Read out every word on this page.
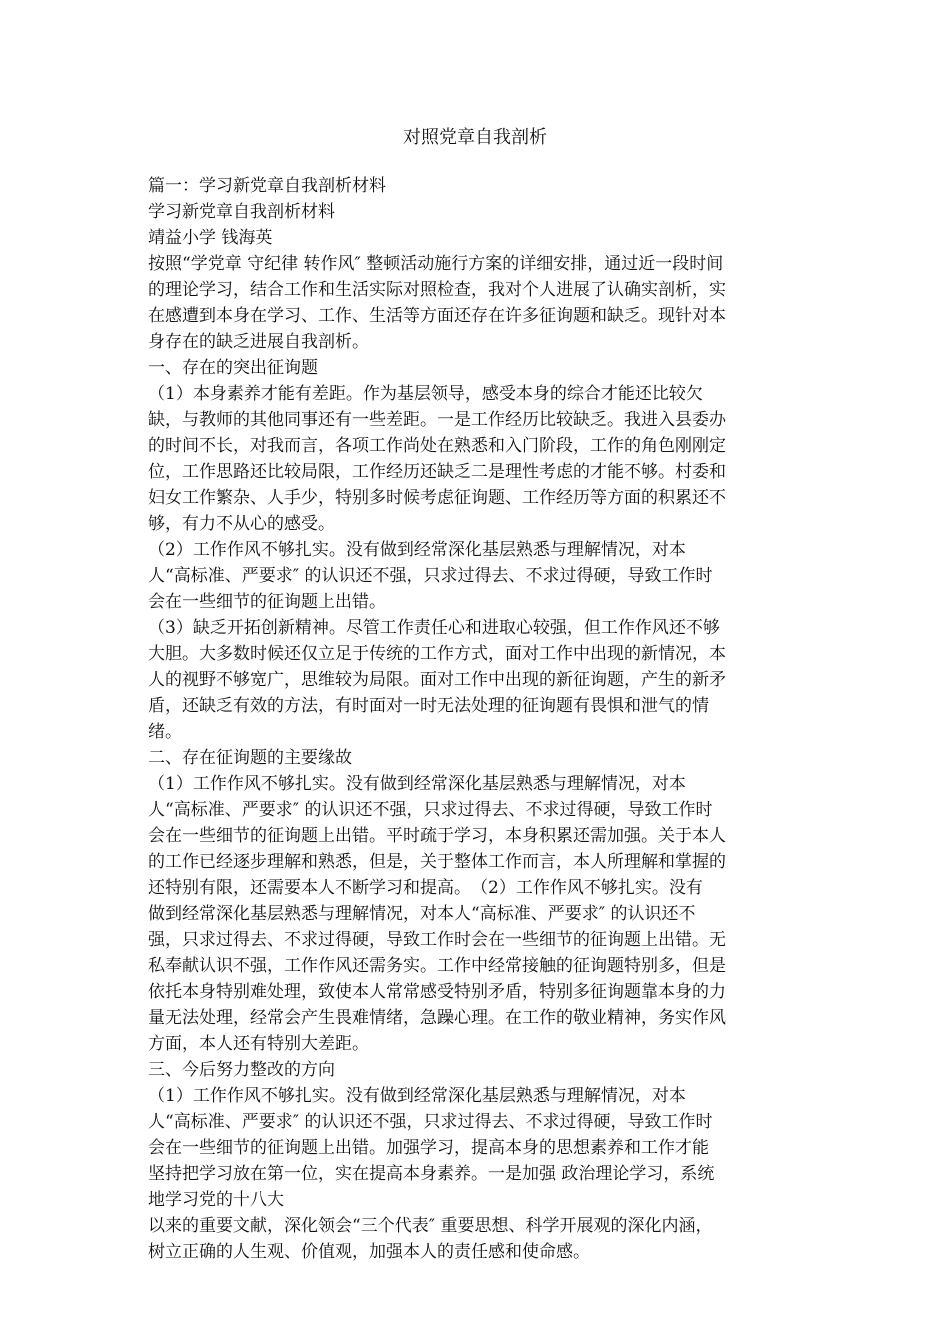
对照党章自我剖析
篇一：学习新党章自我剖析材料
学习新党章自我剖析材料
靖益小学 钱海英
按照“学党章 守纪律 转作风″ 整顿活动施行方案的详细安排，通过近一段时间
的理论学习，结合工作和生活实际对照检查，我对个人进展了认确实剖析，实
在感遭到本身在学习、工作、生活等方面还存在许多征询题和缺乏。现针对本
身存在的缺乏进展自我剖析。
一、存在的突出征询题
（1）本身素养才能有差距。作为基层领导，感受本身的综合才能还比较欠
缺，与教师的其他同事还有一些差距。一是工作经历比较缺乏。我进入县委办
的时间不长，对我而言，各项工作尚处在熟悉和入门阶段，工作的角色刚刚定
位，工作思路还比较局限，工作经历还缺乏二是理性考虑的才能不够。村委和
妇女工作繁杂、人手少，特别多时候考虑征询题、工作经历等方面的积累还不
够，有力不从心的感受。
（2）工作作风不够扎实。没有做到经常深化基层熟悉与理解情况，对本
人“高标准、严要求″ 的认识还不强，只求过得去、不求过得硬，导致工作时
会在一些细节的征询题上出错。
（3）缺乏开拓创新精神。尽管工作责任心和进取心较强，但工作作风还不够
大胆。大多数时候还仅立足于传统的工作方式，面对工作中出现的新情况，本
人的视野不够宽广，思维较为局限。面对工作中出现的新征询题，产生的新矛
盾，还缺乏有效的方法，有时面对一时无法处理的征询题有畏惧和泄气的情
绪。
二、存在征询题的主要缘故
（1）工作作风不够扎实。没有做到经常深化基层熟悉与理解情况，对本
人“高标准、严要求″ 的认识还不强，只求过得去、不求过得硬，导致工作时
会在一些细节的征询题上出错。平时疏于学习，本身积累还需加强。关于本人
的工作已经逐步理解和熟悉，但是，关于整体工作而言，本人所理解和掌握的
还特别有限，还需要本人不断学习和提高。　（2）工作作风不够扎实。没有
做到经常深化基层熟悉与理解情况，对本人“高标准、严要求″ 的认识还不
强，只求过得去、不求过得硬，导致工作时会在一些细节的征询题上出错。无
私奉献认识不强，工作作风还需务实。工作中经常接触的征询题特别多，但是
依托本身特别难处理，致使本人常常感受特别矛盾，特别多征询题靠本身的力
量无法处理，经常会产生畏难情绪，急躁心理。在工作的敬业精神，务实作风
方面，本人还有特别大差距。
三、今后努力整改的方向
（1）工作作风不够扎实。没有做到经常深化基层熟悉与理解情况，对本
人“高标准、严要求″ 的认识还不强，只求过得去、不求过得硬，导致工作时
会在一些细节的征询题上出错。加强学习，提高本身的思想素养和工作才能
坚持把学习放在第一位，实在提高本身素养。一是加强 政治理论学习，系统
地学习党的十八大
以来的重要文献，深化领会“三个代表″ 重要思想、科学开展观的深化内涵，
树立正确的人生观、价值观，加强本人的责任感和使命感。
